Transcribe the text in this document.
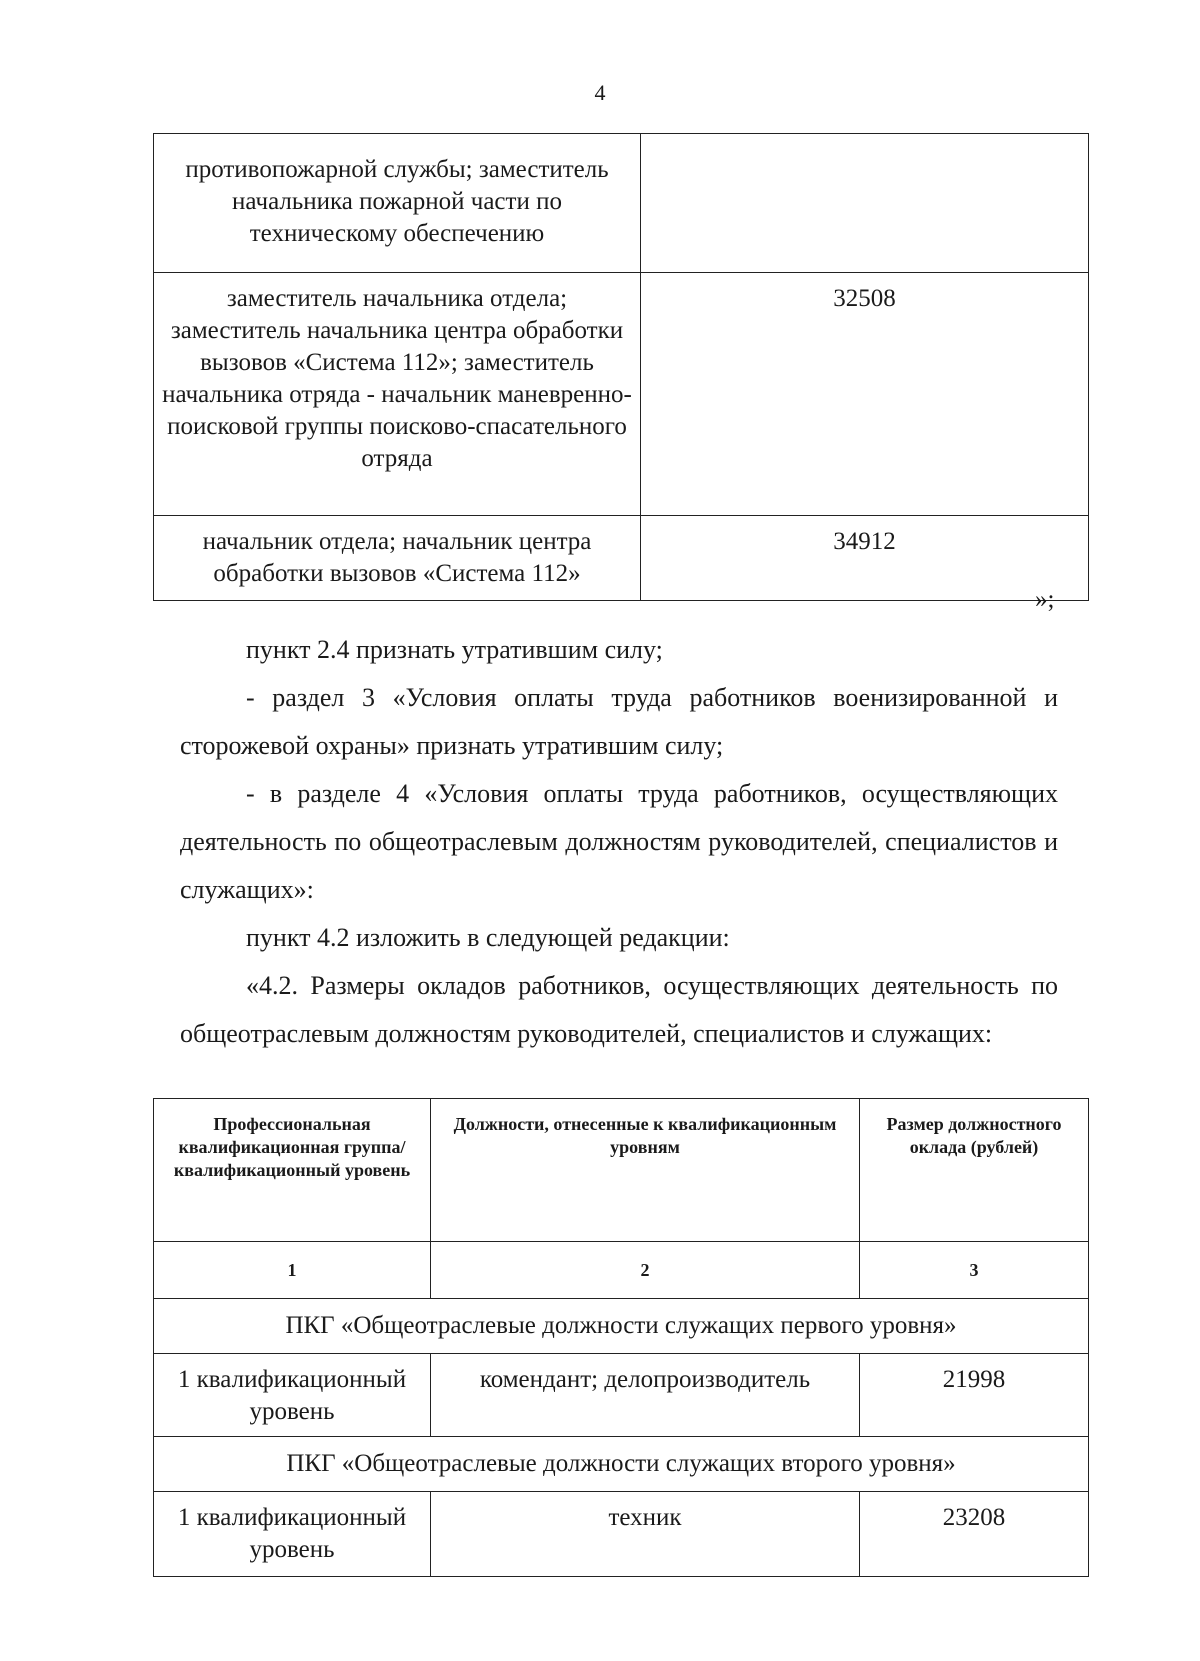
4
противопожарной службы; заместитель начальника пожарной части по техническому обеспечению	
заместитель начальника отдела; заместитель начальника центра обработки вызовов «Система 112»; заместитель начальника отряда - начальник маневренно-поисковой группы поисково-спасательного отряда	32508
начальник отдела; начальник центра обработки вызовов «Система 112»	34912
»;
пункт 2.4 признать утратившим силу;
- раздел 3 «Условия оплаты труда работников военизированной и сторожевой охраны» признать утратившим силу;
- в разделе 4 «Условия оплаты труда работников, осуществляющих деятельность по общеотраслевым должностям руководителей, специалистов и служащих»:
пункт 4.2 изложить в следующей редакции:
«4.2. Размеры окладов работников, осуществляющих деятельность по общеотраслевым должностям руководителей, специалистов и служащих:
Профессиональная квалификационная группа/ квалификационный уровень	Должности, отнесенные к квалификационным уровням	Размер должностного оклада (рублей)
1	2	3
ПКГ «Общеотраслевые должности служащих первого уровня»		
1 квалификационный уровень	комендант; делопроизводитель	21998
ПКГ «Общеотраслевые должности служащих второго уровня»		
1 квалификационный уровень	техник	23208
